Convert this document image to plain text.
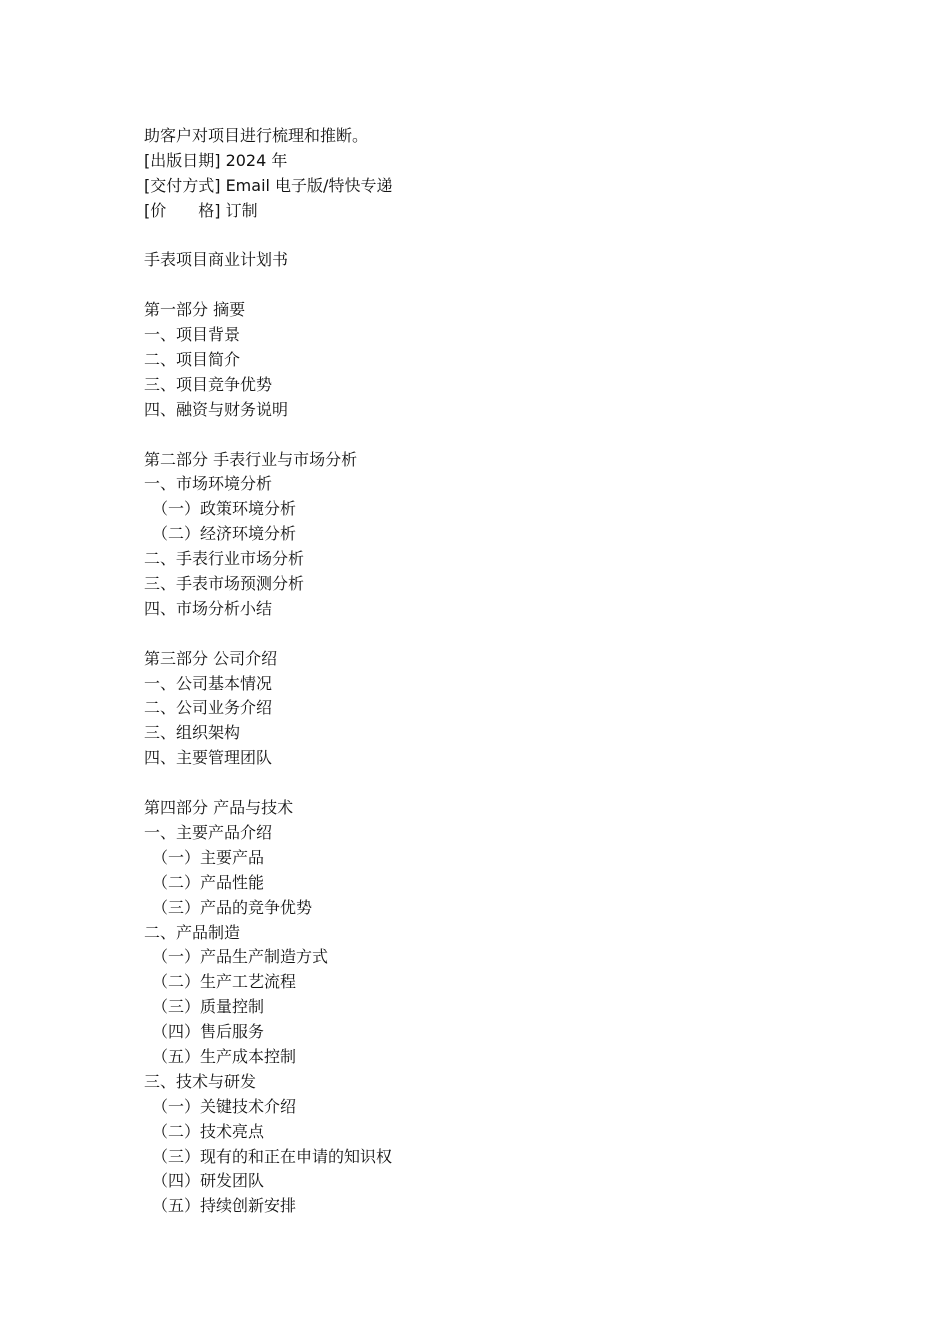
助客户对项目进行梳理和推断。
[出版日期] 2024 年
[交付方式] Email 电子版/特快专递
[价　　格] 订制
手表项目商业计划书
第一部分 摘要
一、项目背景
二、项目简介
三、项目竞争优势
四、融资与财务说明
第二部分 手表行业与市场分析
一、市场环境分析
（一）政策环境分析
（二）经济环境分析
二、手表行业市场分析
三、手表市场预测分析
四、市场分析小结
第三部分 公司介绍
一、公司基本情况
二、公司业务介绍
三、组织架构
四、主要管理团队
第四部分 产品与技术
一、主要产品介绍
（一）主要产品
（二）产品性能
（三）产品的竞争优势
二、产品制造
（一）产品生产制造方式
（二）生产工艺流程
（三）质量控制
（四）售后服务
（五）生产成本控制
三、技术与研发
（一）关键技术介绍
（二）技术亮点
（三）现有的和正在申请的知识权
（四）研发团队
（五）持续创新安排
